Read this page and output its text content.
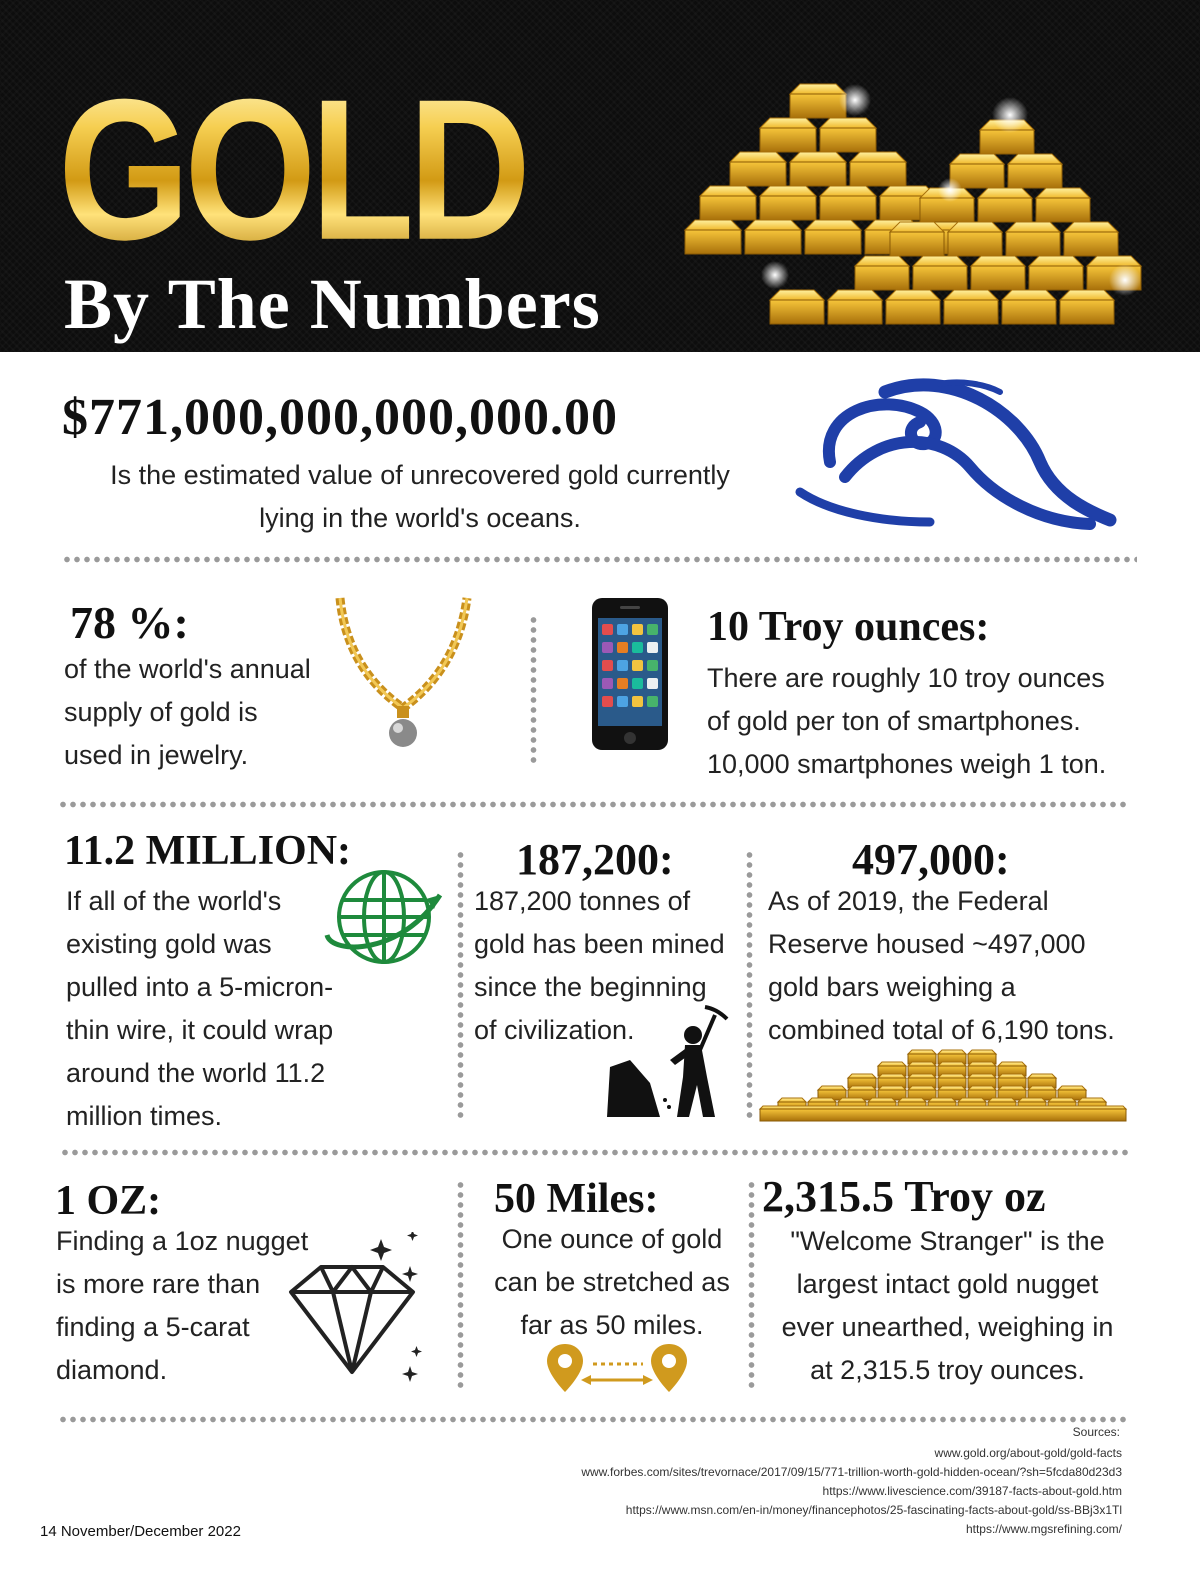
GOLD
By The Numbers
$771,000,000,000,000.00
Is the estimated value of unrecovered gold currently
lying in the world's oceans.
78 %:
of the world's annual
supply of gold is
used in jewelry.
10 Troy ounces:
There are roughly 10 troy ounces
of gold per ton of smartphones.
10,000 smartphones weigh 1 ton.
11.2 MILLION:
If all of the world's
existing gold was
pulled into a 5-micron-
thin wire, it could wrap
around the world 11.2
million times.
187,200:
187,200 tonnes of
gold has been mined
since the beginning
of civilization.
497,000:
As of 2019, the Federal
Reserve housed ~497,000
gold bars weighing a
combined total of 6,190 tons.
1 OZ:
Finding a 1oz nugget
is more rare than
finding a 5-carat
diamond.
50 Miles:
One ounce of gold
can be stretched as
far as 50 miles.
2,315.5 Troy oz
"Welcome Stranger" is the
largest intact gold nugget
ever unearthed, weighing in
at 2,315.5 troy ounces.
Sources:
www.gold.org/about-gold/gold-facts
www.forbes.com/sites/trevornace/2017/09/15/771-trillion-worth-gold-hidden-ocean/?sh=5fcda80d23d3
https://www.livescience.com/39187-facts-about-gold.htm
https://www.msn.com/en-in/money/financephotos/25-fascinating-facts-about-gold/ss-BBj3x1Tl
https://www.mgsrefining.com/
14 November/December 2022
